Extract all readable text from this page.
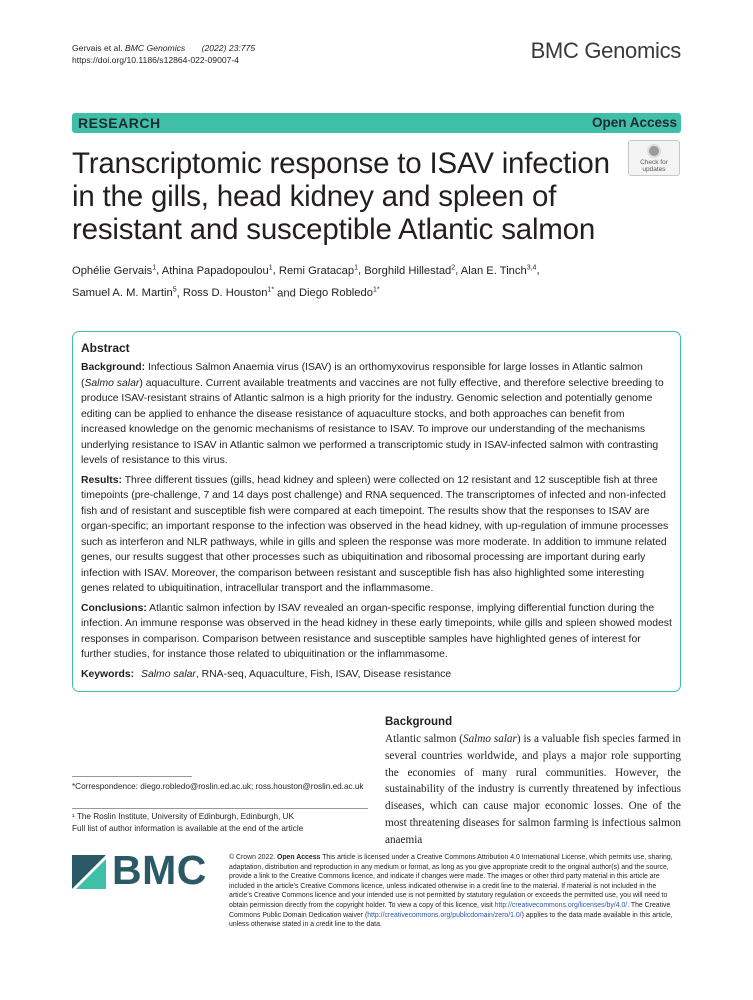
Gervais et al. BMC Genomics (2022) 23:775
https://doi.org/10.1186/s12864-022-09007-4	BMC Genomics
RESEARCH	Open Access
Transcriptomic response to ISAV infection in the gills, head kidney and spleen of resistant and susceptible Atlantic salmon
Check for updates
Ophélie Gervais$^1$, Athina Papadopoulou$^1$, Remi Gratacap$^1$, Borghild Hillestad$^2$, Alan E. Tinch$^{3,4}$,
Samuel A. M. Martin$^5$, Ross D. Houston$^{1*}$ and Diego Robledo$^{1*}$
Abstract

Background: Infectious Salmon Anaemia virus (ISAV) is an orthomyxovirus responsible for large losses in Atlantic salmon (Salmo salar) aquaculture. Current available treatments and vaccines are not fully effective, and therefore selective breeding to produce ISAV-resistant strains of Atlantic salmon is a high priority for the industry. Genomic selection and potentially genome editing can be applied to enhance the disease resistance of aquaculture stocks, and both approaches can benefit from increased knowledge on the genomic mechanisms of resistance to ISAV. To improve our understanding of the mechanisms underlying resistance to ISAV in Atlantic salmon we performed a transcriptomic study in ISAV-infected salmon with contrasting levels of resistance to this virus.

Results: Three different tissues (gills, head kidney and spleen) were collected on 12 resistant and 12 susceptible fish at three timepoints (pre-challenge, 7 and 14 days post challenge) and RNA sequenced. The transcriptomes of infected and non-infected fish and of resistant and susceptible fish were compared at each timepoint. The results show that the responses to ISAV are organ-specific; an important response to the infection was observed in the head kidney, with up-regulation of immune processes such as interferon and NLR pathways, while in gills and spleen the response was more moderate. In addition to immune related genes, our results suggest that other processes such as ubiquitination and ribosomal processing are important during early infection with ISAV. Moreover, the comparison between resistant and susceptible fish has also highlighted some interesting genes related to ubiquitination, intracellular transport and the inflammasome.

Conclusions: Atlantic salmon infection by ISAV revealed an organ-specific response, implying differential function during the infection. An immune response was observed in the head kidney in these early timepoints, while gills and spleen showed modest responses in comparison. Comparison between resistance and susceptible samples have highlighted genes of interest for further studies, for instance those related to ubiquitination or the inflammasome.

Keywords: Salmo salar, RNA-seq, Aquaculture, Fish, ISAV, Disease resistance

Background
Atlantic salmon (Salmo salar) is a valuable fish species farmed in several countries worldwide, and plays a major role supporting the economies of many rural communities. However, the sustainability of the industry is currently threatened by infectious diseases, which can cause major economic losses. One of the most threatening diseases for salmon farming is infectious salmon anaemia
*Correspondence: diego.robledo@roslin.ed.ac.uk; ross.houston@roslin.ed.ac.uk
¹ The Roslin Institute, University of Edinburgh, Edinburgh, UK
Full list of author information is available at the end of the article
BMC	© Crown 2022. Open Access This article is licensed under a Creative Commons Attribution 4.0 International License, which permits use, sharing, adaptation, distribution and reproduction in any medium or format, as long as you give appropriate credit to the original author(s) and the source, provide a link to the Creative Commons licence, and indicate if changes were made. The images or other third party material in this article are included in the article's Creative Commons licence, unless indicated otherwise in a credit line to the material. If material is not included in the article's Creative Commons licence and your intended use is not permitted by statutory regulation or exceeds the permitted use, you will need to obtain permission directly from the copyright holder. To view a copy of this licence, visit http://creativecommons.org/licenses/by/4.0/. The Creative Commons Public Domain Dedication waiver (http://creativecommons.org/publicdomain/zero/1.0/) applies to the data made available in this article, unless otherwise stated in a credit line to the data.
